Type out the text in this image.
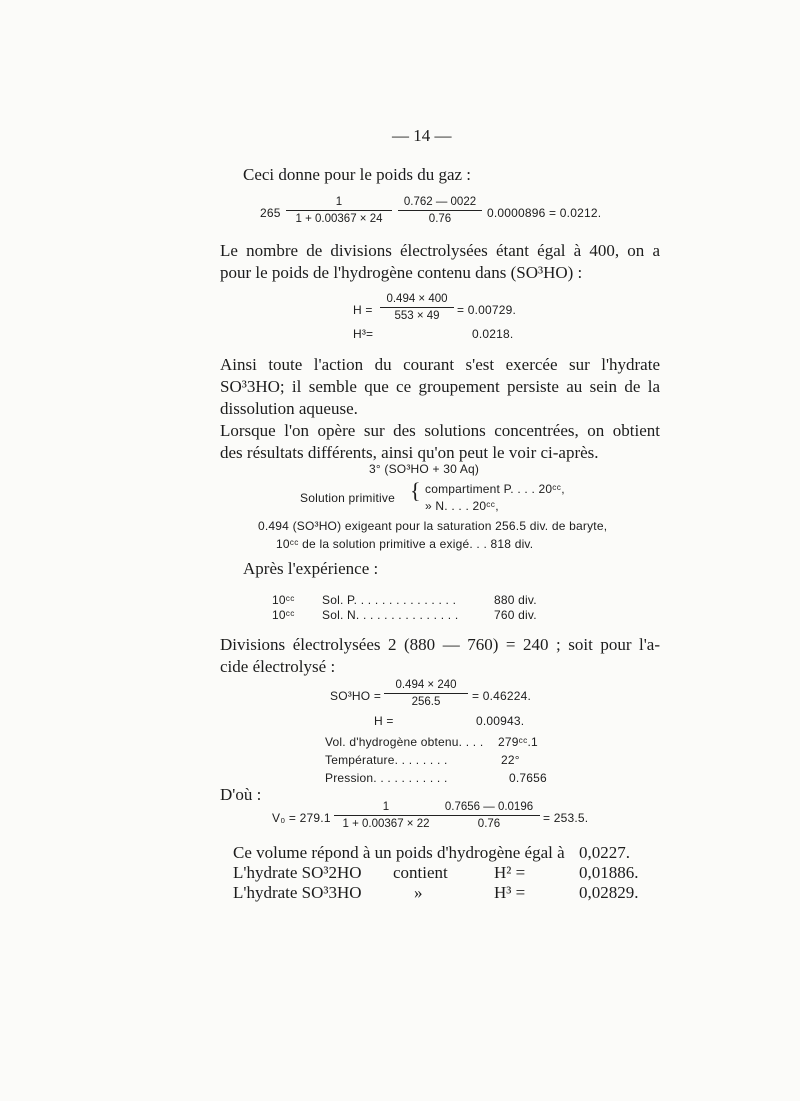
— 14 —
Ceci donne pour le poids du gaz :
265
1
1 + 0.00367 × 24
0.762 — 0022
0.76	0.0000896 = 0.0212.
Le nombre de divisions électrolysées étant égal à 400, on a
pour le poids de l'hydrogène contenu dans (SO³HO) :
H =
0.494 × 400
553 × 49	= 0.00729.
H³=	0.0218.
Ainsi toute l'action du courant s'est exercée sur l'hydrate
SO³3HO; il semble que ce groupement persiste au sein de la
dissolution aqueuse.
Lorsque l'on opère sur des solutions concentrées, on obtient
des résultats différents, ainsi qu'on peut le voir ci-après.
3° (SO³HO + 30 Aq)
Solution primitive { compartiment P. . . . 20ᶜᶜ,
» N. . . . 20ᶜᶜ,
0.494 (SO³HO) exigeant pour la saturation 256.5 div. de baryte,
10ᶜᶜ de la solution primitive a exigé. . . 818 div.
Après l'expérience :
10ᶜᶜ Sol. P. . . . . . . . . . . . . . .	880 div.
10ᶜᶜ Sol. N. . . . . . . . . . . . . . .	760 div.
Divisions électrolysées 2 (880 — 760) = 240 ; soit pour l'a-
cide électrolysé :
SO³HO =
0.494 × 240
256.5	= 0.46224.
H =	0.00943.
Vol. d'hydrogène obtenu. . . . 279ᶜᶜ.1
Température. . . . . . . .	22°
Pression. . . . . . . . . . .	0.7656
D'où :
V₀ = 279.1
1
1 + 0.00367 × 22
0.7656 — 0.0196
0.76	= 253.5.
Ce volume répond à un poids d'hydrogène égal à 0,0227.
L'hydrate SO³2HO contient	H² =	0,01886.
L'hydrate SO³3HO	»	H³ =	0,02829.
